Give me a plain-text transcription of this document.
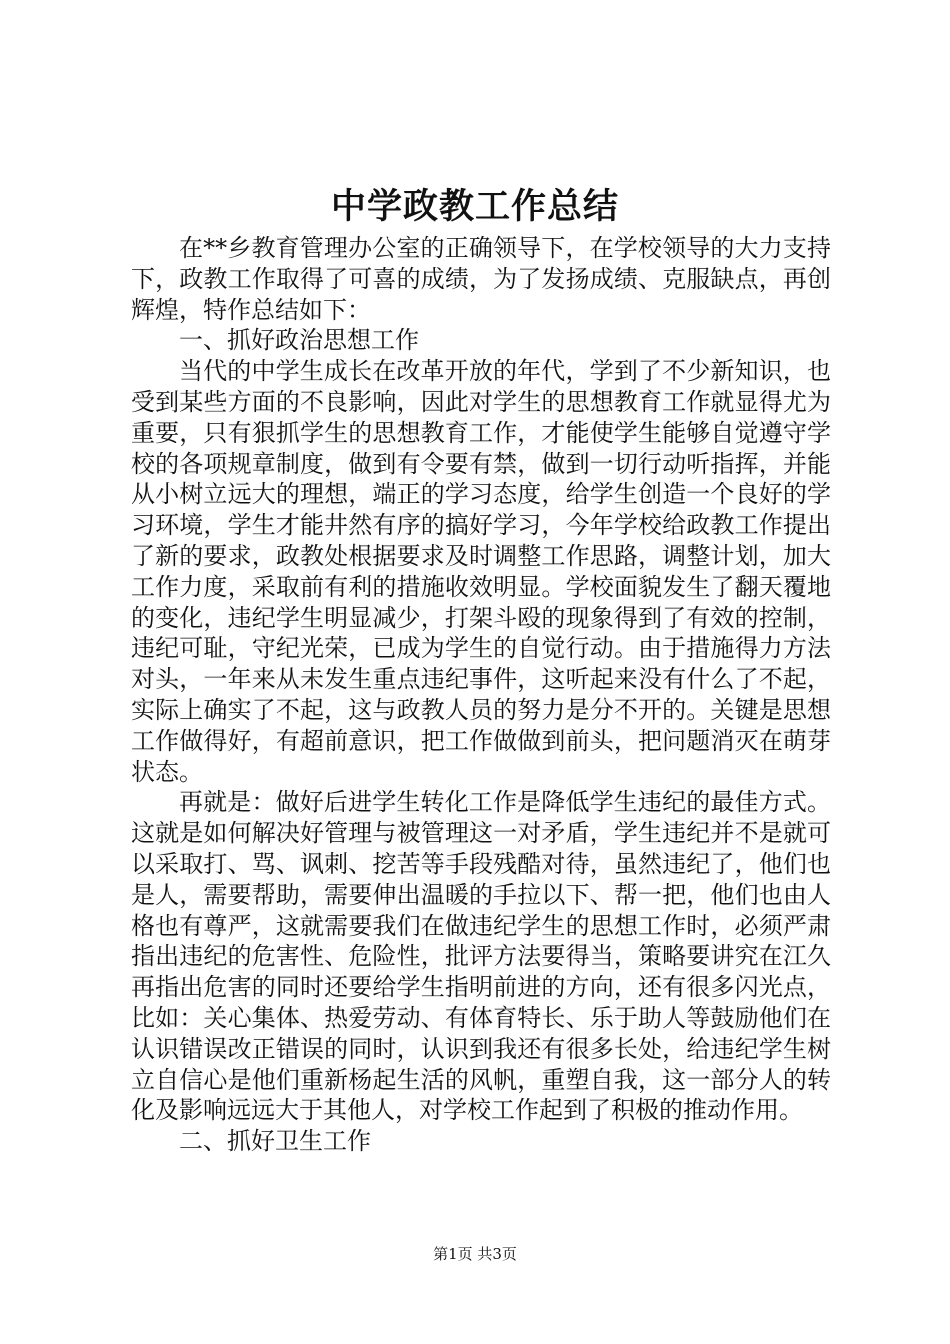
中学政教工作总结

在**乡教育管理办公室的正确领导下，在学校领导的大力支持下，政教工作取得了可喜的成绩，为了发扬成绩、克服缺点，再创辉煌，特作总结如下：

一、抓好政治思想工作

当代的中学生成长在改革开放的年代，学到了不少新知识，也受到某些方面的不良影响，因此对学生的思想教育工作就显得尤为重要，只有狠抓学生的思想教育工作，才能使学生能够自觉遵守学校的各项规章制度，做到有令要有禁，做到一切行动听指挥，并能从小树立远大的理想，端正的学习态度，给学生创造一个良好的学习环境，学生才能井然有序的搞好学习，今年学校给政教工作提出了新的要求，政教处根据要求及时调整工作思路，调整计划，加大工作力度，采取前有利的措施收效明显。学校面貌发生了翻天覆地的变化，违纪学生明显减少，打架斗殴的现象得到了有效的控制，违纪可耻，守纪光荣，已成为学生的自觉行动。由于措施得力方法对头，一年来从未发生重点违纪事件，这听起来没有什么了不起，实际上确实了不起，这与政教人员的努力是分不开的。关键是思想工作做得好，有超前意识，把工作做做到前头，把问题消灭在萌芽状态。

再就是：做好后进学生转化工作是降低学生违纪的最佳方式。这就是如何解决好管理与被管理这一对矛盾，学生违纪并不是就可以采取打、骂、讽刺、挖苦等手段残酷对待，虽然违纪了，他们也是人，需要帮助，需要伸出温暖的手拉以下、帮一把，他们也由人格也有尊严，这就需要我们在做违纪学生的思想工作时，必须严肃指出违纪的危害性、危险性，批评方法要得当，策略要讲究在江久再指出危害的同时还要给学生指明前进的方向，还有很多闪光点，比如：关心集体、热爱劳动、有体育特长、乐于助人等鼓励他们在认识错误改正错误的同时，认识到我还有很多长处，给违纪学生树立自信心是他们重新杨起生活的风帆，重塑自我，这一部分人的转化及影响远远大于其他人，对学校工作起到了积极的推动作用。

二、抓好卫生工作

第1页 共3页
